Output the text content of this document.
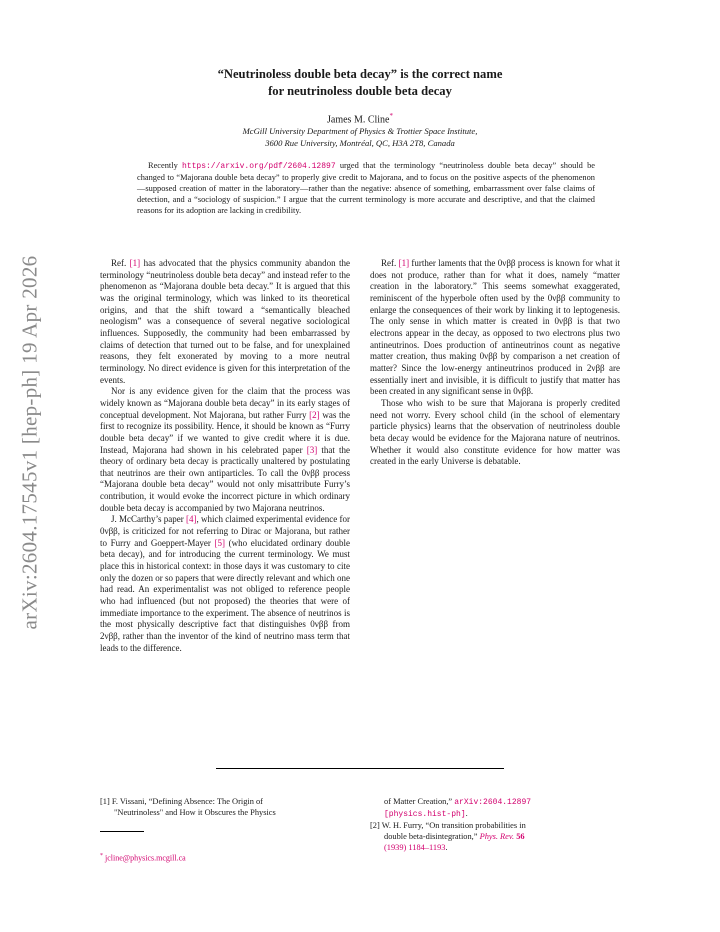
arXiv:2604.17545v1 [hep-ph] 19 Apr 2026
“Neutrinoless double beta decay” is the correct name
for neutrinoless double beta decay
James M. Cline*
McGill University Department of Physics & Trottier Space Institute,
3600 Rue University, Montréal, QC, H3A 2T8, Canada
Recently https://arxiv.org/pdf/2604.12897 urged that the terminology “neutrinoless double beta decay” should be changed to “Majorana double beta decay” to properly give credit to Majorana, and to focus on the positive aspects of the phenomenon—supposed creation of matter in the laboratory—rather than the negative: absence of something, embarrassment over false claims of detection, and a “sociology of suspicion.” I argue that the current terminology is more accurate and descriptive, and that the claimed reasons for its adoption are lacking in credibility.

Ref. [1] has advocated that the physics community abandon the terminology “neutrinoless double beta decay” and instead refer to the phenomenon as “Majorana double beta decay.” It is argued that this was the original terminology, which was linked to its theoretical origins, and that the shift toward a “semantically bleached neologism” was a consequence of several negative sociological influences. Supposedly, the community had been embarrassed by claims of detection that turned out to be false, and for unexplained reasons, they felt exonerated by moving to a more neutral terminology. No direct evidence is given for this interpretation of the events.

Nor is any evidence given for the claim that the process was widely known as “Majorana double beta decay” in its early stages of conceptual development. Not Majorana, but rather Furry [2] was the first to recognize its possibility. Hence, it should be known as “Furry double beta decay” if we wanted to give credit where it is due. Instead, Majorana had shown in his celebrated paper [3] that the theory of ordinary beta decay is practically unaltered by postulating that neutrinos are their own antiparticles. To call the 0νββ process “Majorana double beta decay” would not only misattribute Furry’s contribution, it would evoke the incorrect picture in which ordinary double beta decay is accompanied by two Majorana neutrinos.

J. McCarthy’s paper [4], which claimed experimental evidence for 0νββ, is criticized for not referring to Dirac or Majorana, but rather to Furry and Goeppert-Mayer [5] (who elucidated ordinary double beta decay), and for introducing the current terminology. We must place this in historical context: in those days it was customary to cite only the dozen or so papers that were directly relevant and which one had read. An experimentalist was not obliged to reference people who had influenced (but not proposed) the theories that were of immediate importance to the experiment. The absence of neutrinos is the most physically descriptive fact that distinguishes 0νββ from 2νββ, rather than the inventor of the kind of neutrino mass term that leads to the difference.

Ref. [1] further laments that the 0νββ process is known for what it does not produce, rather than for what it does, namely “matter creation in the laboratory.” This seems somewhat exaggerated, reminiscent of the hyperbole often used by the 0νββ community to enlarge the consequences of their work by linking it to leptogenesis. The only sense in which matter is created in 0νββ is that two electrons appear in the decay, as opposed to two electrons plus two antineutrinos. Does production of antineutrinos count as negative matter creation, thus making 0νββ by comparison a net creation of matter? Since the low-energy antineutrinos produced in 2νββ are essentially inert and invisible, it is difficult to justify that matter has been created in any significant sense in 0νββ.

Those who wish to be sure that Majorana is properly credited need not worry. Every school child (in the school of elementary particle physics) learns that the observation of neutrinoless double beta decay would be evidence for the Majorana nature of neutrinos. Whether it would also constitute evidence for how matter was created in the early Universe is debatable.

[1] F. Vissani, “Defining Absence: The Origin of
"Neutrinoless" and How it Obscures the Physics
* jcline@physics.mcgill.ca
of Matter Creation,” arXiv:2604.12897
[physics.hist-ph].
[2] W. H. Furry, “On transition probabilities in
double beta-disintegration,” Phys. Rev. 56
(1939) 1184–1193.
